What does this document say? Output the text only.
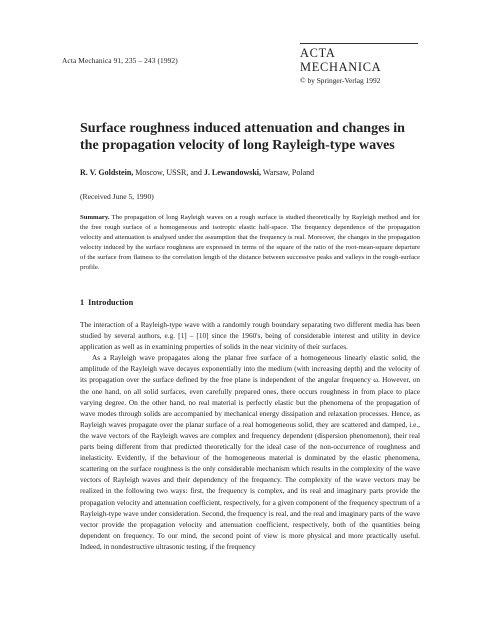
Acta Mechanica 91, 235 – 243 (1992)
ACTA MECHANICA
© by Springer-Verlag 1992
Surface roughness induced attenuation and changes in the propagation velocity of long Rayleigh-type waves
R. V. Goldstein, Moscow, USSR, and J. Lewandowski, Warsaw, Poland
(Received June 5, 1990)
Summary. The propagation of long Rayleigh waves on a rough surface is studied theoretically by Rayleigh method and for the free rough surface of a homogeneous and isotropic elastic half-space. The frequency dependence of the propagation velocity and attenuation is analysed under the assumption that the frequency is real. Moreover, the changes in the propagation velocity induced by the surface roughness are expressed in terms of the square of the ratio of the root-mean-square departure of the surface from flatness to the correlation length of the distance between successive peaks and valleys in the rough-surface profile.
1 Introduction

The interaction of a Rayleigh-type wave with a randomly rough boundary separating two different media has been studied by several authors, e.g. [1] – [10] since the 1960's, being of considerable interest and utility in device application as well as in examining properties of solids in the near vicinity of their surfaces.

As a Rayleigh wave propagates along the planar free surface of a homogeneous linearly elastic solid, the amplitude of the Rayleigh wave decayes exponentially into the medium (with increasing depth) and the velocity of its propagation over the surface defined by the free plane is independent of the angular frequency ω. However, on the one hand, on all solid surfaces, even carefully prepared ones, there occurs roughness in from place to place varying degree. On the other hand, no real material is perfectly elastic but the phenomena of the propagation of wave modes through solids are accompanied by mechanical energy dissipation and relaxation processes. Hence, as Rayleigh waves propagate over the planar surface of a real homogeneous solid, they are scattered and damped, i.e., the wave vectors of the Rayleigh waves are complex and frequency dependent (dispersion phenomenon), their real parts being different from that predicted theoretically for the ideal case of the non-occurrence of roughness and inelasticity. Evidently, if the behaviour of the homogeneous material is dominated by the elastic phenomena, scattering on the surface roughness is the only considerable mechanism which results in the complexity of the wave vectors of Rayleigh waves and their dependency of the frequency. The complexity of the wave vectors may be realized in the following two ways: first, the frequency is complex, and its real and imaginary parts provide the propagation velocity and attenuation coefficient, respectively, for a given component of the frequency spectrum of a Rayleigh-type wave under consideration. Second, the frequency is real, and the real and imaginary parts of the wave vector provide the propagation velocity and attenuation coefficient, respectively, both of the quantities being dependent on frequency. To our mind, the second point of view is more physical and more practically useful. Indeed, in nondestructive ultrasonic testing, if the frequency
